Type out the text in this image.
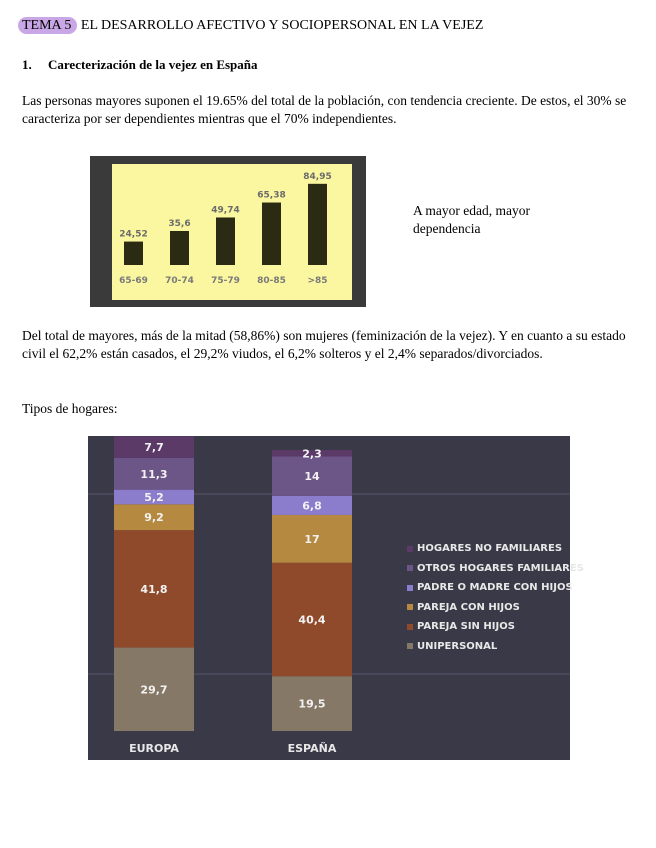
TEMA 5 EL DESARROLLO AFECTIVO Y SOCIOPERSONAL EN LA VEJEZ
1. Carecterización de la vejez en España
Las personas mayores suponen el 19.65% del total de la población, con tendencia creciente. De estos, el 30% se caracteriza por ser dependientes mientras que el 70% independientes.
24,52
65-69
35,6
70-74
49,74
75-79
65,38
80-85
84,95
>85
A mayor edad, mayor dependencia
Del total de mayores, más de la mitad (58,86%) son mujeres (feminización de la vejez). Y en cuanto a su estado civil el 62,2% están casados, el 29,2% viudos, el 6,2% solteros y el 2,4% separados/divorciados.
Tipos de hogares:
29,7
41,8
9,2
5,2
11,3
7,7
EUROPA
19,5
40,4
17
6,8
14
2,3
ESPAÑA
HOGARES NO FAMILIARES
OTROS HOGARES FAMILIARES
PADRE O MADRE CON HIJOS
PAREJA CON HIJOS
PAREJA SIN HIJOS
UNIPERSONAL
